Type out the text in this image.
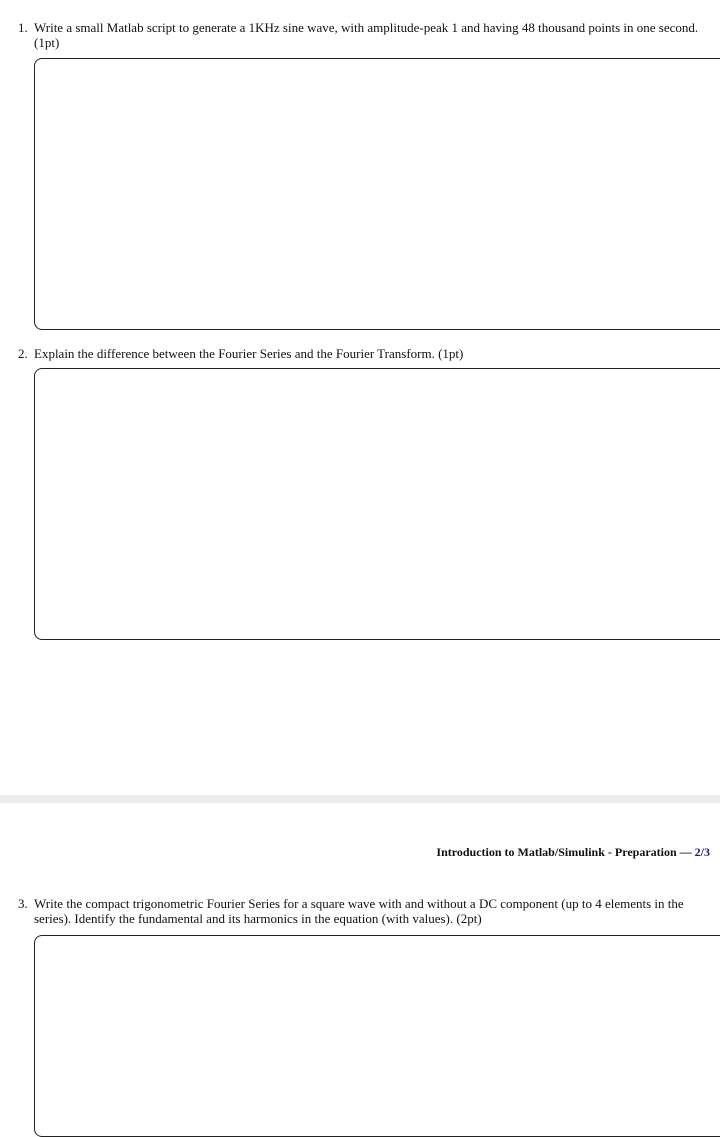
1. Write a small Matlab script to generate a 1KHz sine wave, with amplitude-peak 1 and having 48 thousand points in one second. (1pt)
2. Explain the difference between the Fourier Series and the Fourier Transform. (1pt)
Introduction to Matlab/Simulink - Preparation — 2/3
3. Write the compact trigonometric Fourier Series for a square wave with and without a DC component (up to 4 elements in the series). Identify the fundamental and its harmonics in the equation (with values). (2pt)
